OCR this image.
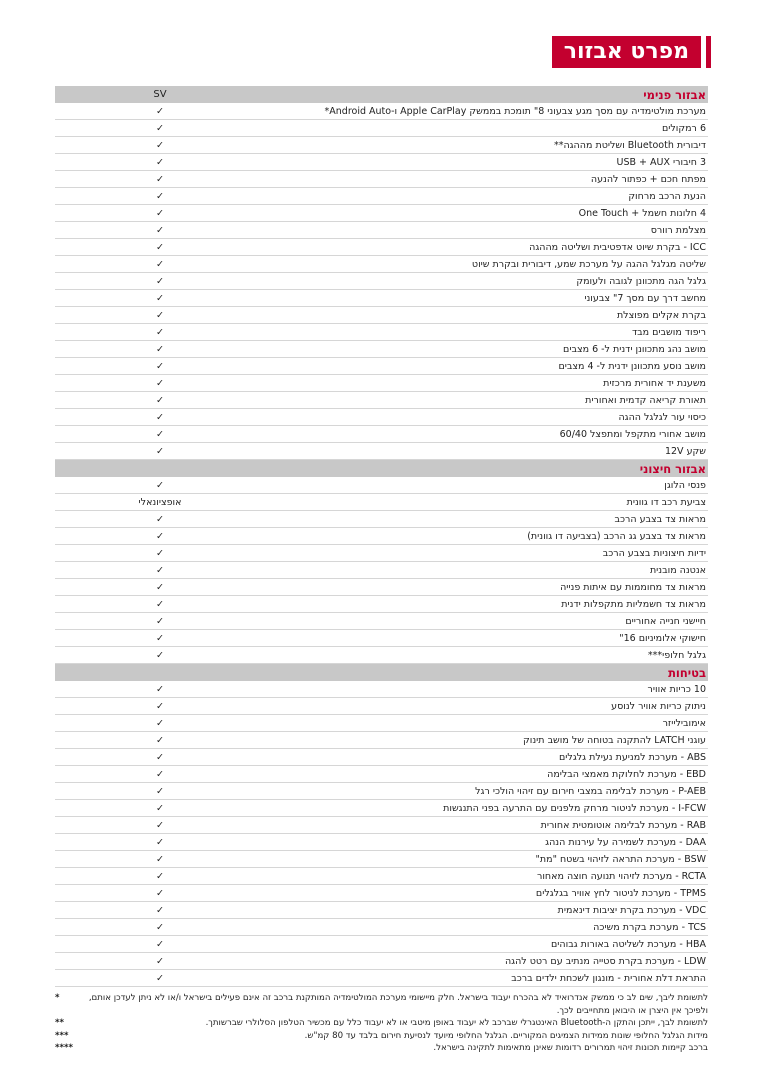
מפרט אבזור
אבזור פנימי
SV
מערכת מולטימדיה עם מסך מגע צבעוני 8" תומכת בממשק Apple CarPlay ו-Android Auto*
✓
6 רמקולים
✓
דיבורית Bluetooth ושליטת מההגה**
✓
3 חיבורי USB + AUX
✓
מפתח חכם + כפתור להנעה
✓
הנעת הרכב מרחוק
✓
4 חלונות חשמל + One Touch
✓
מצלמת רוורס
✓
ICC - בקרת שיוט אדפטיבית ושליטה מההגה
✓
שליטה מגלגל ההגה על מערכת שמע, דיבורית ובקרת שיוט
✓
גלגל הגה מתכוונן לגובה ולעומק
✓
מחשב דרך עם מסך 7" צבעוני
✓
בקרת אקלים מפוצלת
✓
ריפוד מושבים מבד
✓
מושב נהג מתכוונן ידנית ל- 6 מצבים
✓
מושב נוסע מתכוונן ידנית ל- 4 מצבים
✓
משענת יד אחורית מרכזית
✓
תאורת קריאה קדמית ואחורית
✓
כיסוי עור לגלגל ההגה
✓
מושב אחורי מתקפל ומתפצל 60/40
✓
שקע 12V
✓
אבזור חיצוני
פנסי הלוגן
✓
צביעת רכב דו גוונית
אופציונאלי
מראות צד בצבע הרכב
✓
מראות צד בצבע גג הרכב (בצביעה דו גוונית)
✓
ידיות חיצוניות בצבע הרכב
✓
אנטנה מובנית
✓
מראות צד מחוממות עם איתות פנייה
✓
מראות צד חשמליות מתקפלות ידנית
✓
חיישני חנייה אחוריים
✓
חישוקי אלומיניום 16"
✓
גלגל חלופי***
✓
בטיחות
10 כריות אוויר
✓
ניתוק כריות אוויר לנוסע
✓
אימובילייזר
✓
עוגני LATCH להתקנה בטוחה של מושב תינוק
✓
ABS - מערכת למניעת נעילת גלגלים
✓
EBD - מערכת לחלוקת מאמצי הבלימה
✓
P-AEB - מערכת לבלימה במצבי חירום עם זיהוי הולכי רגל
✓
I-FCW - מערכת לניטור מרחק מלפנים עם התרעה בפני התנגשות
✓
RAB - מערכת לבלימה אוטומטית אחורית
✓
DAA - מערכת לשמירה על עירנות הנהג
✓
BSW - מערכת התראה לזיהוי בשטח "מת"
✓
RCTA - מערכת לזיהוי תנועה חוצה מאחור
✓
TPMS - מערכת לניטור לחץ אוויר בגלגלים
✓
VDC - מערכת בקרת יציבות דינאמית
✓
TCS - מערכת בקרת משיכה
✓
HBA - מערכת לשליטה באורות גבוהים
✓
LDW - מערכת בקרת סטייה מנתיב עם רטט להגה
✓
התראת דלת אחורית - מונגון לשכחת ילדים ברכב
✓
לתשומת ליבך, שים לב כי ממשק אנדרואיד לא בהכרח יעבוד בישראל. חלק מיישומי מערכת המולטימדיה המותקנת ברכב זה אינם פעילים בישראל ו/או לא ניתן לעדכן אותם, ולפיכך אין היצרן או היבואן מתחייבים לכך.
*
לתשומת לבך, ייתכן והתקן ה-Bluetooth האינטגרלי שברכב לא יעבוד באופן מיטבי או לא יעבוד כלל עם מכשיר הטלפון הסלולרי שברשותך.
**
מידות הגלגל החלופי שונות ממידות הצמיגים המקוריים. הגלגל החלופי מיועד לנסיעת חירום בלבד עד 80 קמ"ש.
***
ברכב קיימות תכונות זיהוי תמרורים רדומות שאינן מתאימות לתקינה בישראל.
****
